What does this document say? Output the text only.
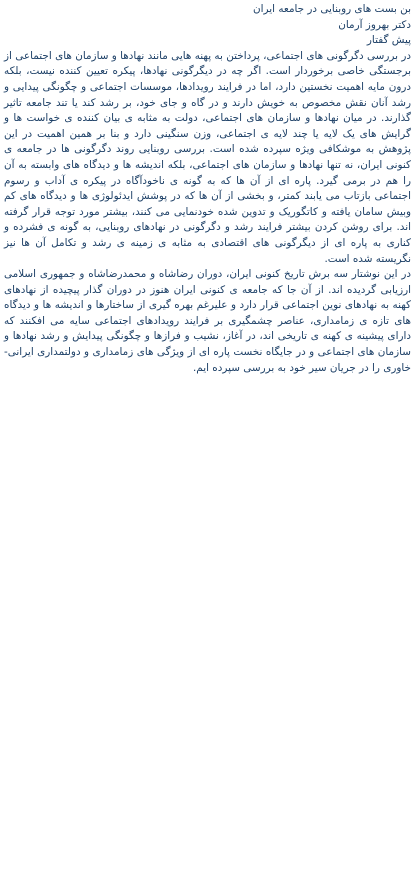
بن بست های روبنایی در جامعه ایران

دکتر بهروز آرمان

پیش گفتار

در بررسی دگرگونی های اجتماعی، پرداختن به پهنه هایی مانند نهادها و سازمان های اجتماعی از برجستگی خاصی برخوردار است. اگر چه در دیگرگونی نهادها، پیکره تعیین کننده نیست، بلکه درون مایه اهمیت نخستین دارد، اما در فرایند رویدادها، موسسات اجتماعی و چگونگی پیدایی و رشد آنان نقش مخصوص به خویش دارند و در گاه و جای خود، بر رشد کند یا تند جامعه تاثیر گذارند. در میان نهادها و سازمان های اجتماعی، دولت به مثابه ی بیان کننده ی خواست ها و گرایش های یک لایه یا چند لایه ی اجتماعی، وزن سنگینی دارد و بنا بر همین اهمیت در این پژوهش به موشکافی ویژه سپرده شده است. بررسی روبنایی روند دگرگونی ها در جامعه ی کنونی ایران، نه تنها نهادها و سازمان های اجتماعی، بلکه اندیشه ها و دیدگاه های وابسته به آن را هم در برمی گیرد. پاره ای از آن ها که به گونه ی ناخودآگاه در پیکره ی آداب و رسوم اجتماعی بازتاب می یابند کمتر، و بخشی از آن ها که در پوشش ایدئولوژی ها و دیدگاه های کم وبیش سامان یافته و کاتگوریک و تدوین شده خودنمایی می کنند، بیشتر مورد توجه قرار گرفته اند. برای روشن کردن بیشتر فرایند رشد و دگرگونی در نهادهای روبنایی، به گونه ی فشرده و کناری به پاره ای از دیگرگونی های اقتصادی به مثابه ی زمینه ی رشد و تکامل آن ها نیز نگریسته شده است.

در این نوشتار سه برش تاریخ کنونی ایران، دوران رضاشاه و محمدرضاشاه و جمهوری اسلامی ارزیابی گردیده اند. از آن جا که جامعه ی کنونی ایران هنوز در دوران گذار پیچیده از نهادهای کهنه به نهادهای نوین اجتماعی قرار دارد و علیرغم بهره گیری از ساختارها و اندیشه ها و دیدگاه های تازه ی زمامداری، عناصر چشمگیری بر فرایند رویدادهای اجتماعی سایه می افکنند که دارای پیشینه ی کهنه ی تاریخی اند، در آغاز، نشیب و فرازها و چگونگی پیدایش و رشد نهادها و سازمان های اجتماعی و در جایگاه نخست پاره ای از ویژگی های زمامداری و دولتمداری ایرانی-خاوری را در جریان سیر خود به بررسی سپرده ایم.
